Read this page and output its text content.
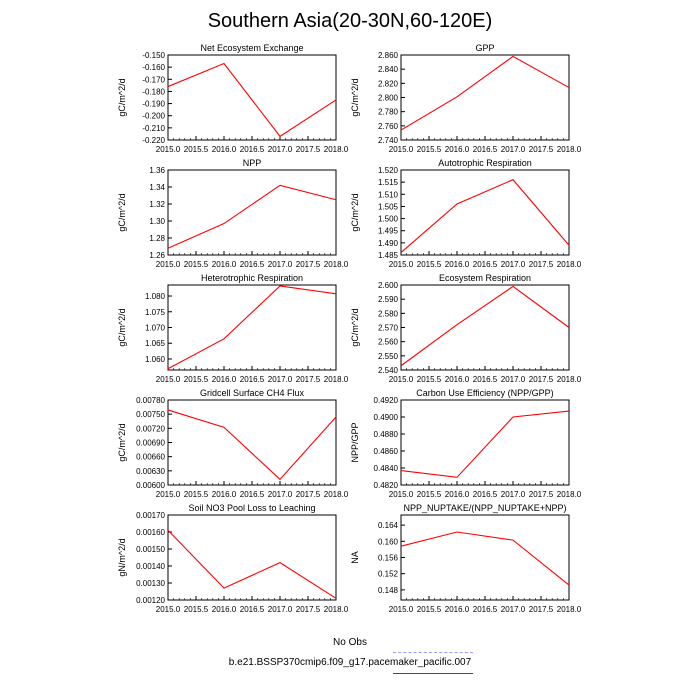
Southern Asia(20-30N,60-120E)
Net Ecosystem Exchange
gC/m^2/d
2015.0 2015.5 2016.0 2016.5 2017.0 2017.5 2018.0
-0.150
-0.160
-0.170
-0.180
-0.190
-0.200
-0.210
-0.220
GPP
gC/m^2/d
2015.0 2015.5 2016.0 2016.5 2017.0 2017.5 2018.0
2.860
2.840
2.820
2.800
2.780
2.760
2.740
NPP
gC/m^2/d
2015.0 2015.5 2016.0 2016.5 2017.0 2017.5 2018.0
1.36
1.34
1.32
1.30
1.28
1.26
Autotrophic Respiration
gC/m^2/d
2015.0 2015.5 2016.0 2016.5 2017.0 2017.5 2018.0
1.520
1.515
1.510
1.505
1.500
1.495
1.490
1.485
Heterotrophic Respiration
gC/m^2/d
2015.0 2015.5 2016.0 2016.5 2017.0 2017.5 2018.0
1.080
1.075
1.070
1.065
1.060
Ecosystem Respiration
gC/m^2/d
2015.0 2015.5 2016.0 2016.5 2017.0 2017.5 2018.0
2.600
2.590
2.580
2.570
2.560
2.550
2.540
Gridcell Surface CH4 Flux
gC/m^2/d
2015.0 2015.5 2016.0 2016.5 2017.0 2017.5 2018.0
0.00780
0.00750
0.00720
0.00690
0.00660
0.00630
0.00600
Carbon Use Efficiency (NPP/GPP)
NPP/GPP
2015.0 2015.5 2016.0 2016.5 2017.0 2017.5 2018.0
0.4920
0.4900
0.4880
0.4860
0.4840
0.4820
Soil NO3 Pool Loss to Leaching
gN/m^2/d
2015.0 2015.5 2016.0 2016.5 2017.0 2017.5 2018.0
0.00170
0.00160
0.00150
0.00140
0.00130
0.00120
NPP_NUPTAKE/(NPP_NUPTAKE+NPP)
NA
2015.0 2015.5 2016.0 2016.5 2017.0 2017.5 2018.0
0.164
0.160
0.156
0.152
0.148
No Obs
b.e21.BSSP370cmip6.f09_g17.pacemaker_pacific.007
